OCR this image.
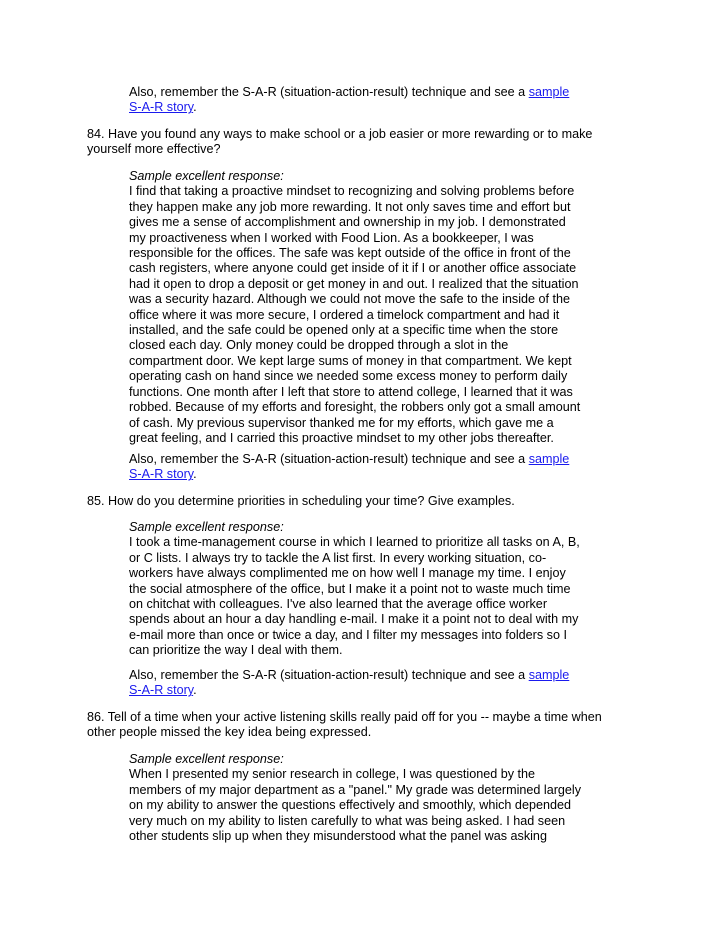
Also, remember the S-A-R (situation-action-result) technique and see a sample
S-A-R story.
84. Have you found any ways to make school or a job easier or more rewarding or to make
yourself more effective?
Sample excellent response:
I find that taking a proactive mindset to recognizing and solving problems before
they happen make any job more rewarding. It not only saves time and effort but
gives me a sense of accomplishment and ownership in my job. I demonstrated
my proactiveness when I worked with Food Lion. As a bookkeeper, I was
responsible for the offices. The safe was kept outside of the office in front of the
cash registers, where anyone could get inside of it if I or another office associate
had it open to drop a deposit or get money in and out. I realized that the situation
was a security hazard. Although we could not move the safe to the inside of the
office where it was more secure, I ordered a timelock compartment and had it
installed, and the safe could be opened only at a specific time when the store
closed each day. Only money could be dropped through a slot in the
compartment door. We kept large sums of money in that compartment. We kept
operating cash on hand since we needed some excess money to perform daily
functions. One month after I left that store to attend college, I learned that it was
robbed. Because of my efforts and foresight, the robbers only got a small amount
of cash. My previous supervisor thanked me for my efforts, which gave me a
great feeling, and I carried this proactive mindset to my other jobs thereafter.
Also, remember the S-A-R (situation-action-result) technique and see a sample
S-A-R story.
85. How do you determine priorities in scheduling your time? Give examples.
Sample excellent response:
I took a time-management course in which I learned to prioritize all tasks on A, B,
or C lists. I always try to tackle the A list first. In every working situation, co-
workers have always complimented me on how well I manage my time. I enjoy
the social atmosphere of the office, but I make it a point not to waste much time
on chitchat with colleagues. I've also learned that the average office worker
spends about an hour a day handling e-mail. I make it a point not to deal with my
e-mail more than once or twice a day, and I filter my messages into folders so I
can prioritize the way I deal with them.
Also, remember the S-A-R (situation-action-result) technique and see a sample
S-A-R story.
86. Tell of a time when your active listening skills really paid off for you -- maybe a time when
other people missed the key idea being expressed.
Sample excellent response:
When I presented my senior research in college, I was questioned by the
members of my major department as a "panel." My grade was determined largely
on my ability to answer the questions effectively and smoothly, which depended
very much on my ability to listen carefully to what was being asked. I had seen
other students slip up when they misunderstood what the panel was asking
